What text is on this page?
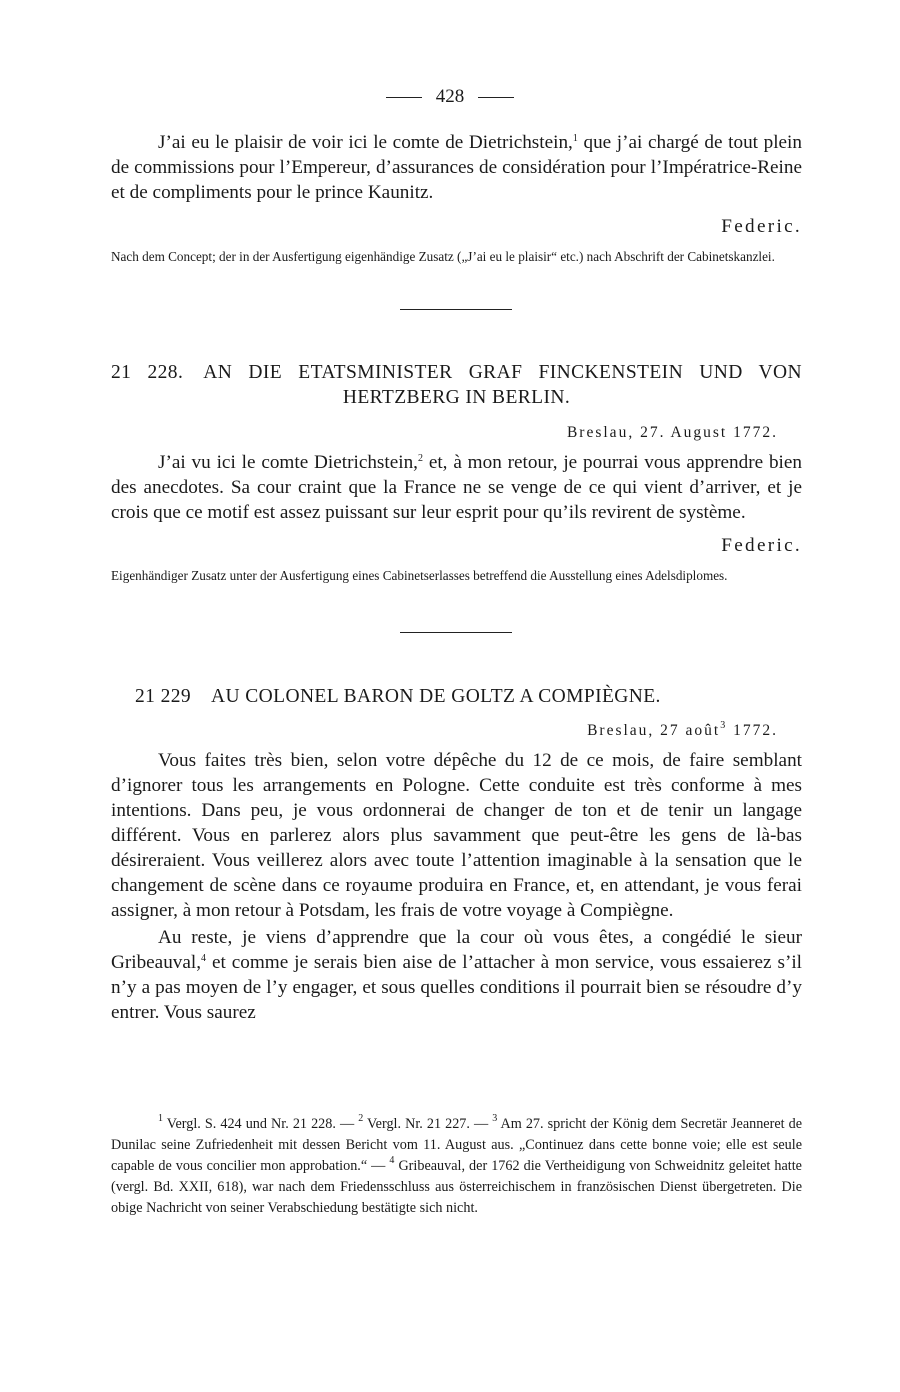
428

J’ai eu le plaisir de voir ici le comte de Dietrichstein,$^1$ que j’ai chargé de tout plein de commissions pour l’Empereur, d’assurances de considération pour l’Impératrice-Reine et de compliments pour le prince Kaunitz.

Federic.

Nach dem Concept; der in der Ausfertigung eigenhändige Zusatz („J’ai eu le plaisir“ etc.) nach Abschrift der Cabinetskanzlei.

21 228. AN DIE ETATSMINISTER GRAF FINCKENSTEIN UND VON HERTZBERG IN BERLIN.
Breslau, 27. August 1772.

J’ai vu ici le comte Dietrichstein,$^2$ et, à mon retour, je pourrai vous apprendre bien des anecdotes. Sa cour craint que la France ne se venge de ce qui vient d’arriver, et je crois que ce motif est assez puissant sur leur esprit pour qu’ils revirent de système.

Federic.

Eigenhändiger Zusatz unter der Ausfertigung eines Cabinetserlasses betreffend die Ausstellung eines Adelsdiplomes.

21 229 AU COLONEL BARON DE GOLTZ A COMPIÈGNE.
Breslau, 27 août$^3$ 1772.

Vous faites très bien, selon votre dépêche du 12 de ce mois, de faire semblant d’ignorer tous les arrangements en Pologne. Cette conduite est très conforme à mes intentions. Dans peu, je vous ordonnerai de changer de ton et de tenir un langage différent. Vous en parlerez alors plus savamment que peut-être les gens de là-bas désireraient. Vous veillerez alors avec toute l’attention imaginable à la sensation que le changement de scène dans ce royaume produira en France, et, en attendant, je vous ferai assigner, à mon retour à Potsdam, les frais de votre voyage à Compiègne.

Au reste, je viens d’apprendre que la cour où vous êtes, a congédié le sieur Gribeauval,$^4$ et comme je serais bien aise de l’attacher à mon service, vous essaierez s’il n’y a pas moyen de l’y engager, et sous quelles conditions il pourrait bien se résoudre d’y entrer. Vous saurez

$^1$ Vergl. S. 424 und Nr. 21 228. — $^2$ Vergl. Nr. 21 227. — $^3$ Am 27. spricht der König dem Secretär Jeanneret de Dunilac seine Zufriedenheit mit dessen Bericht vom 11. August aus. „Continuez dans cette bonne voie; elle est seule capable de vous concilier mon approbation.“ — $^4$ Gribeauval, der 1762 die Vertheidigung von Schweidnitz geleitet hatte (vergl. Bd. XXII, 618), war nach dem Friedensschluss aus österreichischem in französischen Dienst übergetreten. Die obige Nachricht von seiner Verabschiedung bestätigte sich nicht.
